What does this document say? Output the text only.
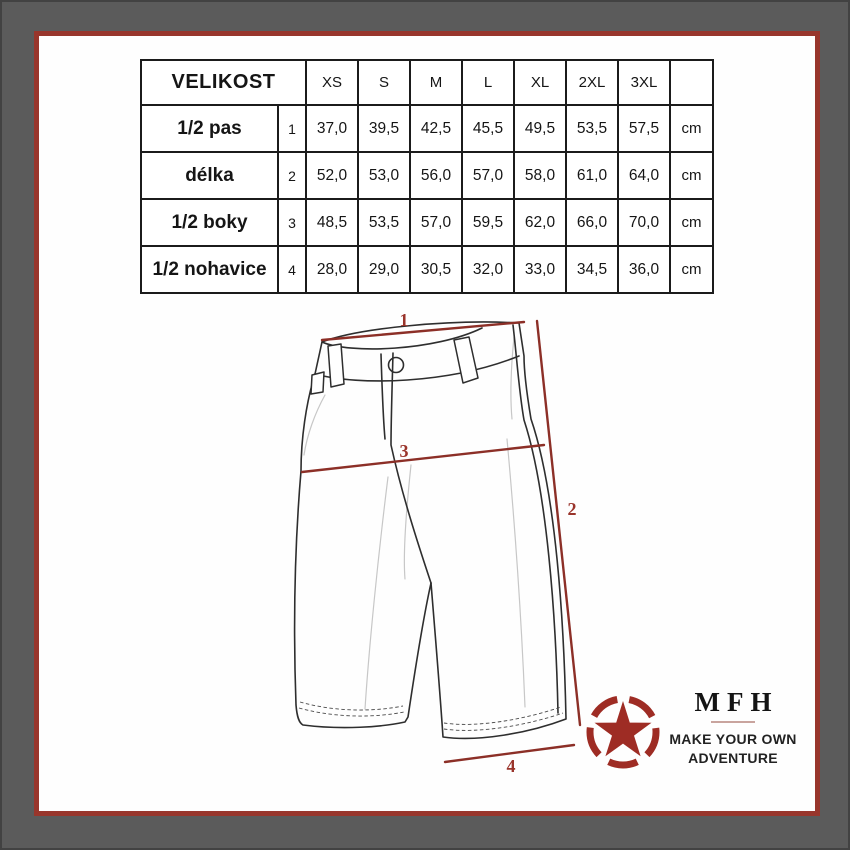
VELIKOST		XS	S	M	L	XL	2XL	3XL	
1/2 pas	1	37,0	39,5	42,5	45,5	49,5	53,5	57,5	cm
délka	2	52,0	53,0	56,0	57,0	58,0	61,0	64,0	cm
1/2 boky	3	48,5	53,5	57,0	59,5	62,0	66,0	70,0	cm
1/2 nohavice	4	28,0	29,0	30,5	32,0	33,0	34,5	36,0	cm
1
2
3
4
MFH
MAKE YOUR OWN
ADVENTURE
